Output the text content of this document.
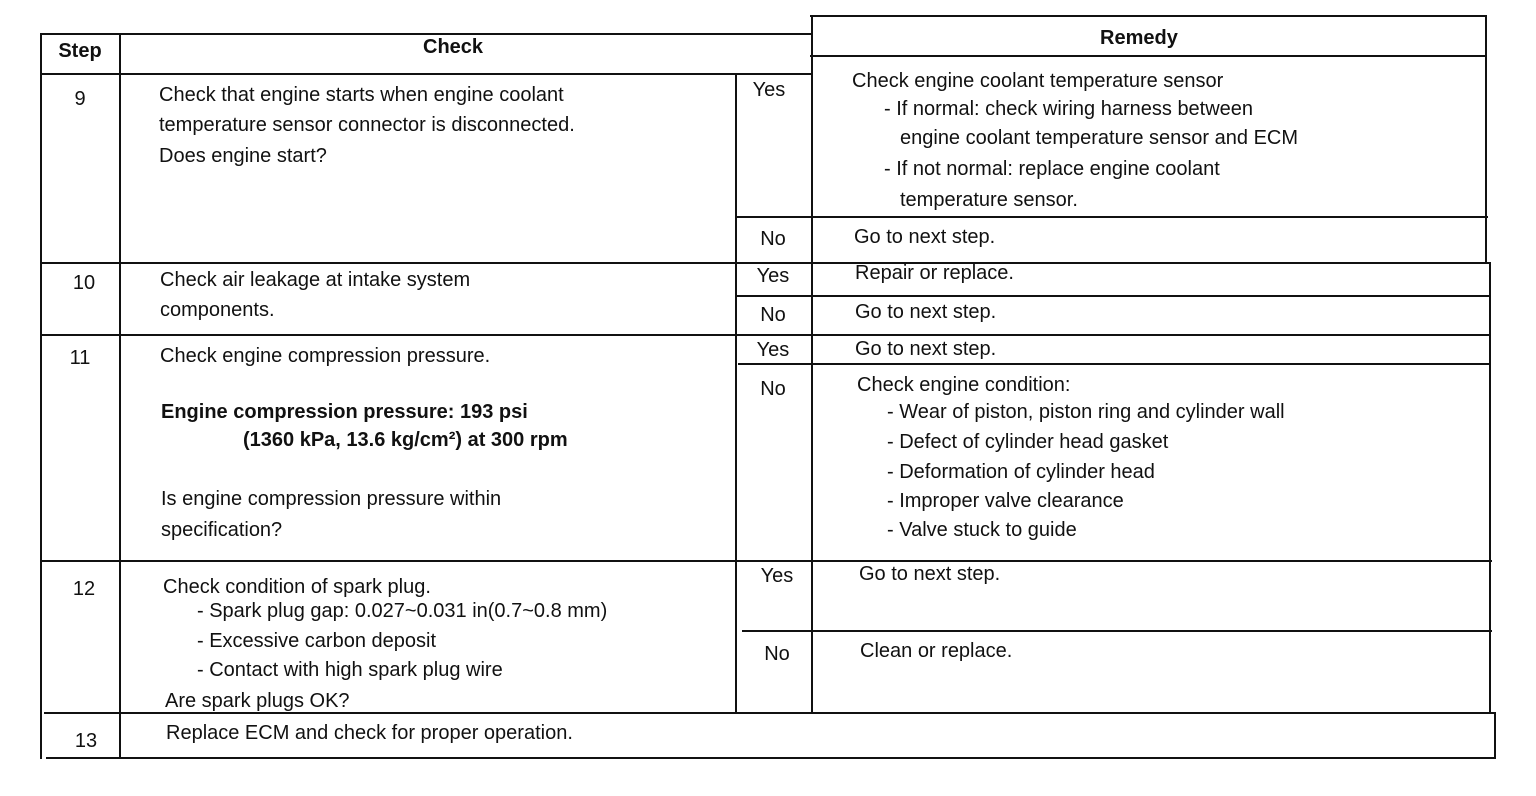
Step	Check	Remedy
9	Check that engine starts when engine coolant
temperature sensor connector is disconnected.
Does engine start?
Yes	Check engine coolant temperature sensor
- If normal: check wiring harness between
engine coolant temperature sensor and ECM
- If not normal: replace engine coolant
temperature sensor.
No	Go to next step.
10	Check air leakage at intake system
components.
Yes	Repair or replace.
No	Go to next step.
11	Check engine compression pressure.
Engine compression pressure: 193 psi
(1360 kPa, 13.6 kg/cm²) at 300 rpm
Is engine compression pressure within
specification?
Yes	Go to next step.
No	Check engine condition:
- Wear of piston, piston ring and cylinder wall
- Defect of cylinder head gasket
- Deformation of cylinder head
- Improper valve clearance
- Valve stuck to guide
12	Check condition of spark plug.
- Spark plug gap: 0.027~0.031 in(0.7~0.8 mm)
- Excessive carbon deposit
- Contact with high spark plug wire
Are spark plugs OK?
Yes	Go to next step.
No	Clean or replace.
13	Replace ECM and check for proper operation.
